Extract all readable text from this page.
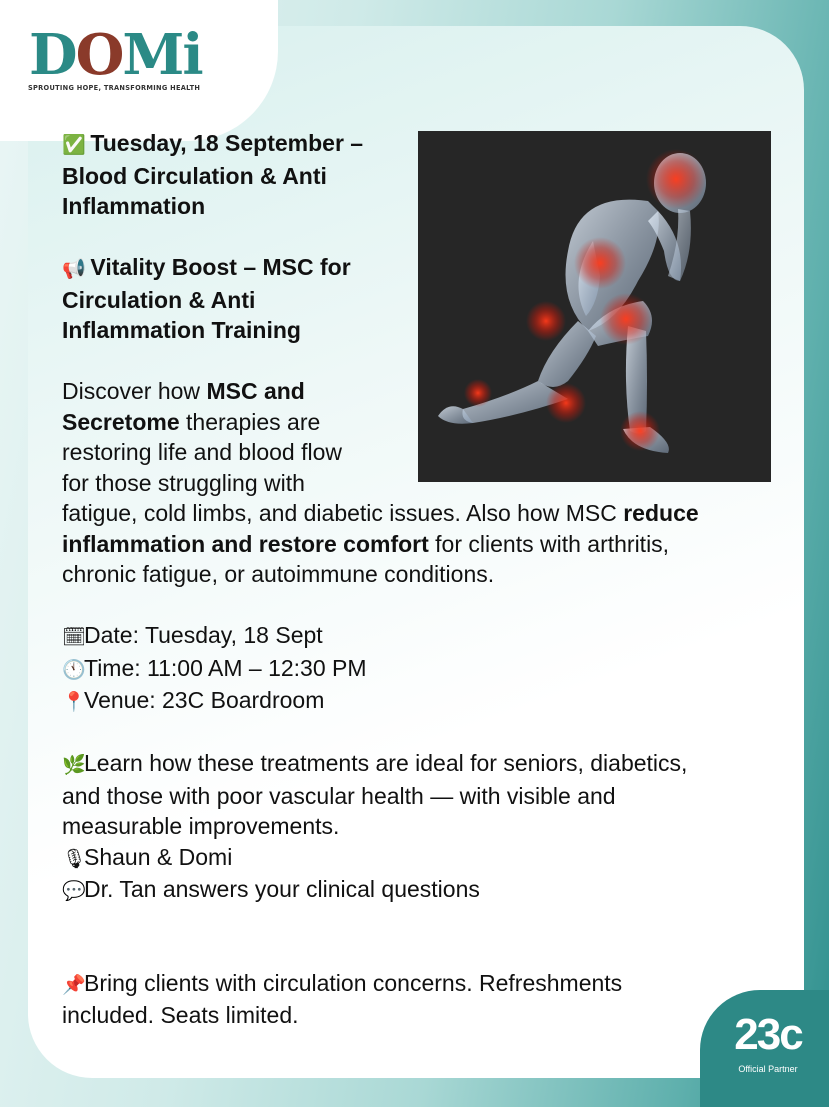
DOMi
SPROUTING HOPE, TRANSFORMING HEALTH

✅ Tuesday, 18 September –
Blood Circulation & Anti
Inflammation

📢 Vitality Boost – MSC for
Circulation & Anti
Inflammation Training

Discover how MSC and
Secretome therapies are
restoring life and blood flow
for those struggling with
fatigue, cold limbs, and diabetic issues. Also how MSC reduce
inflammation and restore comfort for clients with arthritis,
chronic fatigue, or autoimmune conditions.

🗓Date: Tuesday, 18 Sept
🕚Time: 11:00 AM – 12:30 PM
📍Venue: 23C Boardroom

🌿Learn how these treatments are ideal for seniors, diabetics,
and those with poor vascular health — with visible and
measurable improvements.
🎙Shaun & Domi
💬Dr. Tan answers your clinical questions

📌Bring clients with circulation concerns. Refreshments
included. Seats limited.	23c
Official Partner
